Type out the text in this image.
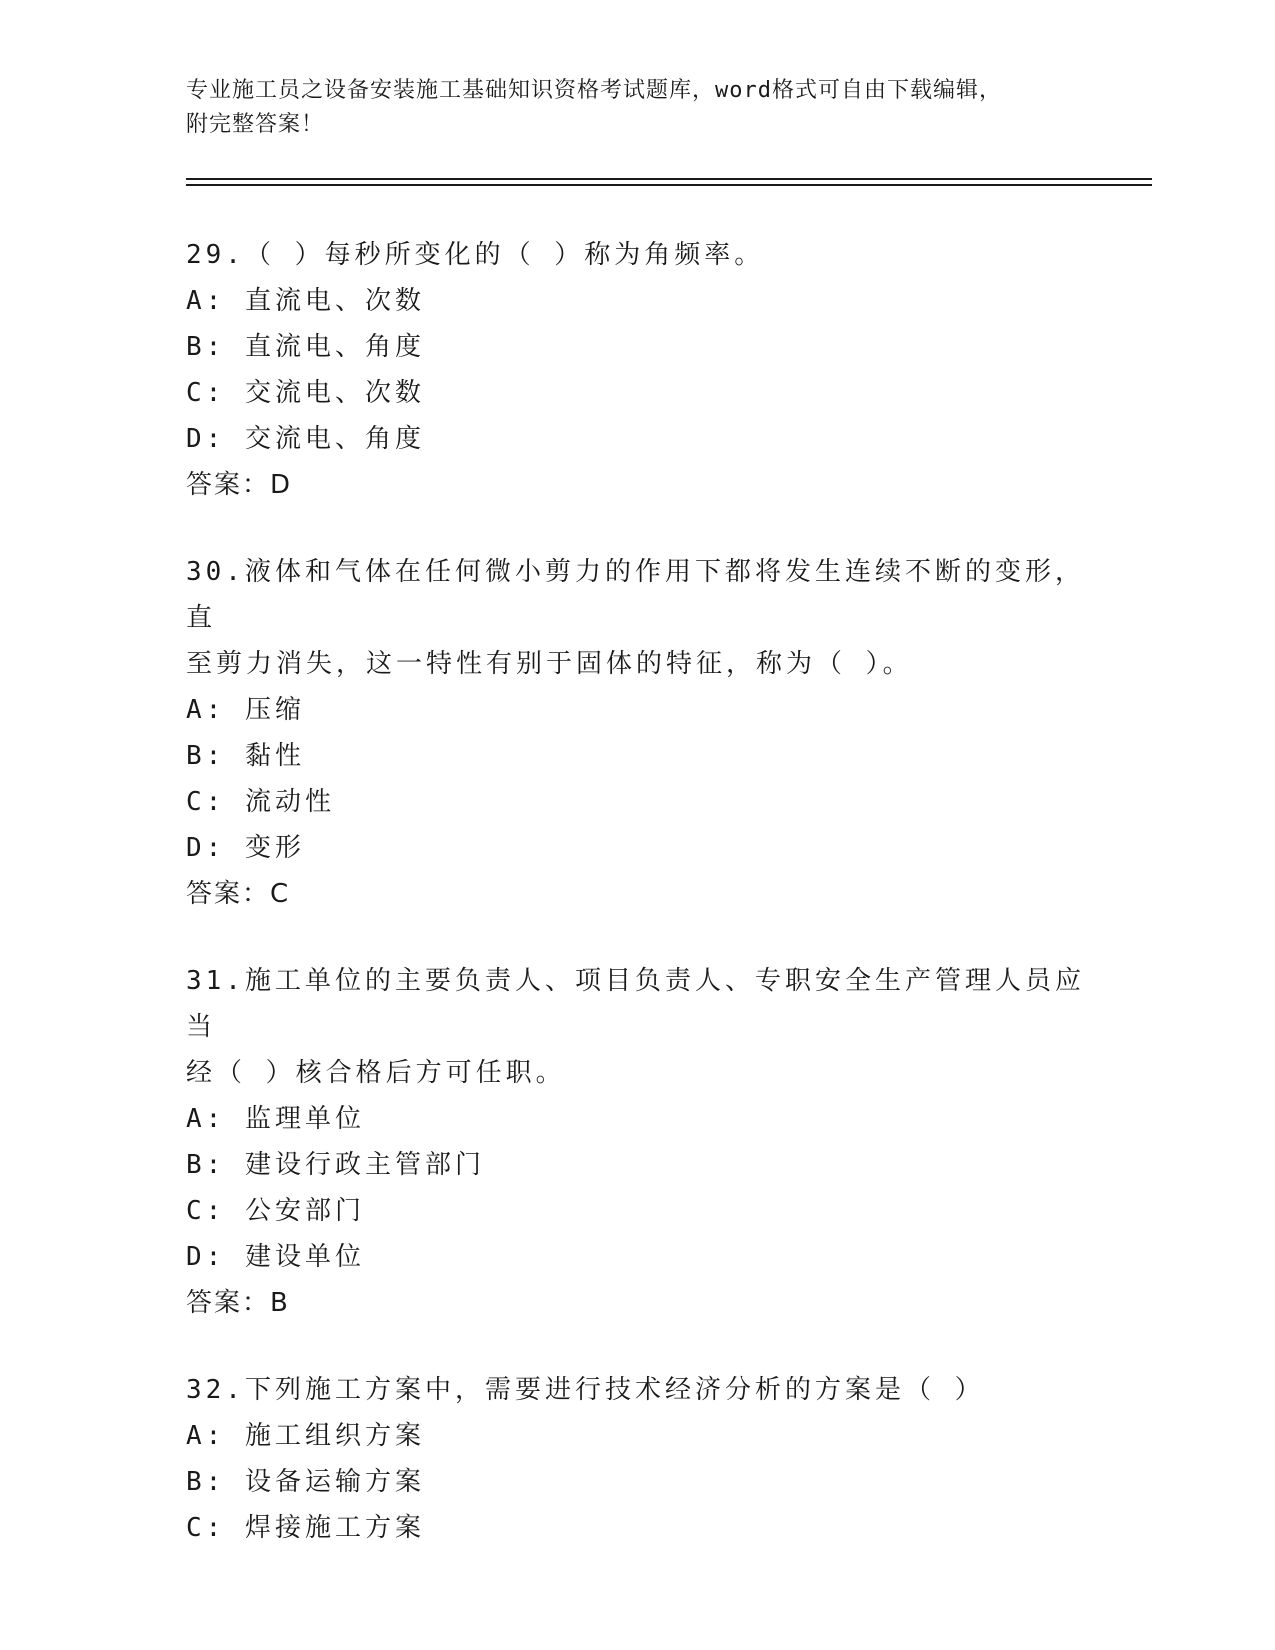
专业施工员之设备安装施工基础知识资格考试题库，word格式可自由下载编辑，
附完整答案！
29.（ ）每秒所变化的（ ）称为角频率。
A: 直流电、次数
B: 直流电、角度
C: 交流电、次数
D: 交流电、角度
答案：D
30.液体和气体在任何微小剪力的作用下都将发生连续不断的变形，直
至剪力消失，这一特性有别于固体的特征，称为（ ）。
A: 压缩
B: 黏性
C: 流动性
D: 变形
答案：C
31.施工单位的主要负责人、项目负责人、专职安全生产管理人员应当
经（ ）核合格后方可任职。
A: 监理单位
B: 建设行政主管部门
C: 公安部门
D: 建设单位
答案：B
32.下列施工方案中，需要进行技术经济分析的方案是（ ）
A: 施工组织方案
B: 设备运输方案
C: 焊接施工方案
